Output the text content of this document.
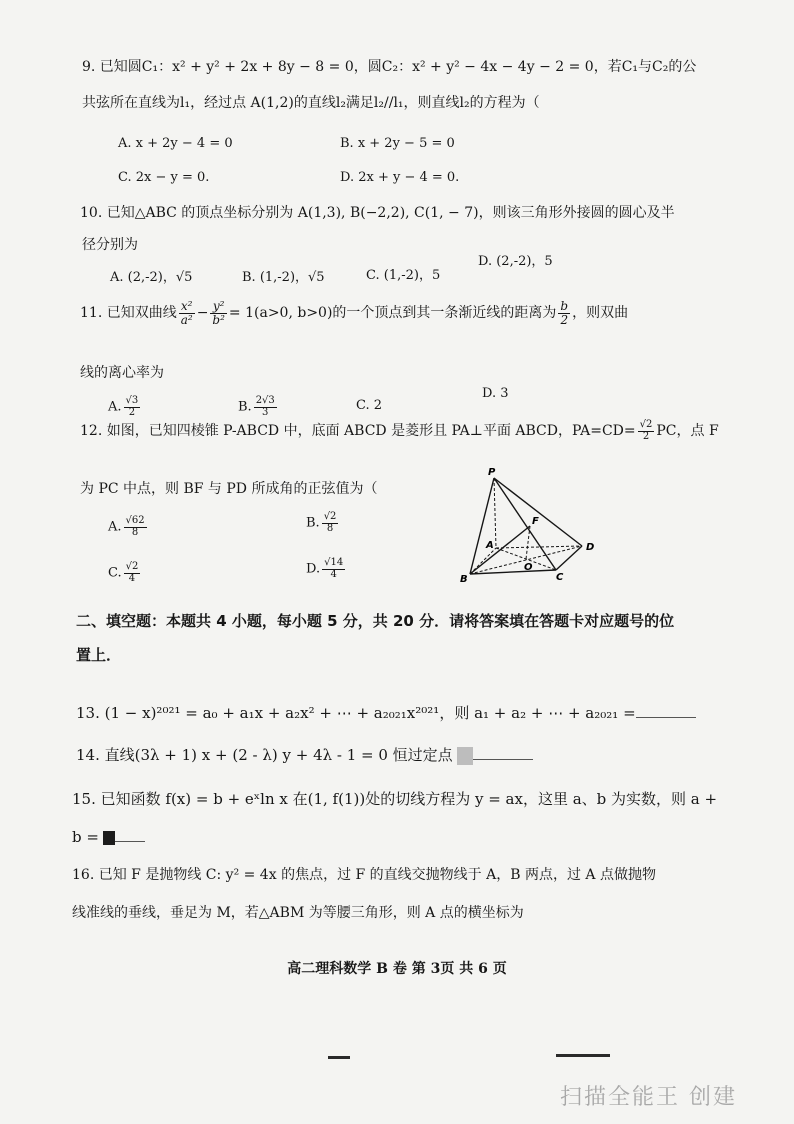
9. 已知圆C₁：x² + y² + 2x + 8y − 8 = 0，圆C₂：x² + y² − 4x − 4y − 2 = 0，若C₁与C₂的公
共弦所在直线为l₁，经过点 A(1,2)的直线l₂满足l₂//l₁，则直线l₂的方程为（
A. x + 2y − 4 = 0	B. x + 2y − 5 = 0
C. 2x − y = 0.	D. 2x + y − 4 = 0.
10. 已知△ABC 的顶点坐标分别为 A(1,3), B(−2,2), C(1, − 7)，则该三角形外接圆的圆心及半
径分别为
A. (2,-2)，√5	B. (1,-2)，√5	C. (1,-2)，5
D. (2,-2)，5
11. 已知双曲线 $\frac{\text{x²}}{\text{a²}} - \frac{\text{y²}}{\text{b²}} = 1(a>0$, b>0)的一个顶点到其一条渐近线的距离为 $\frac{b}{2}$ ，则双曲
线的离心率为
A. $\frac{√3}{2}$	B. $\frac{2√3}{3}$	C. 2
D. 3
12. 如图，已知四棱锥 P-ABCD 中，底面 ABCD 是菱形且 PA⊥平面 ABCD，$PA=CD= \frac{√2}{2}$ PC，点 F
为 PC 中点，则 BF 与 PD 所成角的正弦值为（
A. $\frac{√62}{8}$	B. $\frac{√2}{8}$
C. $\frac{√2}{4}$	D. $\frac{√14}{4}$
P
A
B	C
D
F
O
二、填空题：本题共 4 小题，每小题 5 分，共 20 分．请将答案填在答题卡对应题号的位
置上．
13. (1 − x)²⁰²¹ = a₀ + a₁x + a₂x² + ⋯ + a₂₀₂₁x²⁰²¹，则 a₁ + a₂ + ⋯ + a₂₀₂₁ =
14. 直线(3λ + 1) x + (2 - λ) y + 4λ - 1 = 0 恒过定点
15. 已知函数 f(x) = b + eˣln x 在(1, f(1))处的切线方程为 y = ax，这里 a、b 为实数，则 a +
b =
16. 已知 F 是抛物线 C: y² = 4x 的焦点，过 F 的直线交抛物线于 A，B 两点，过 A 点做抛物
线准线的垂线，垂足为 M，若△ABM 为等腰三角形，则 A 点的横坐标为
高二理科数学 B 卷 第 3页 共 6 页
扫描全能王 创建
